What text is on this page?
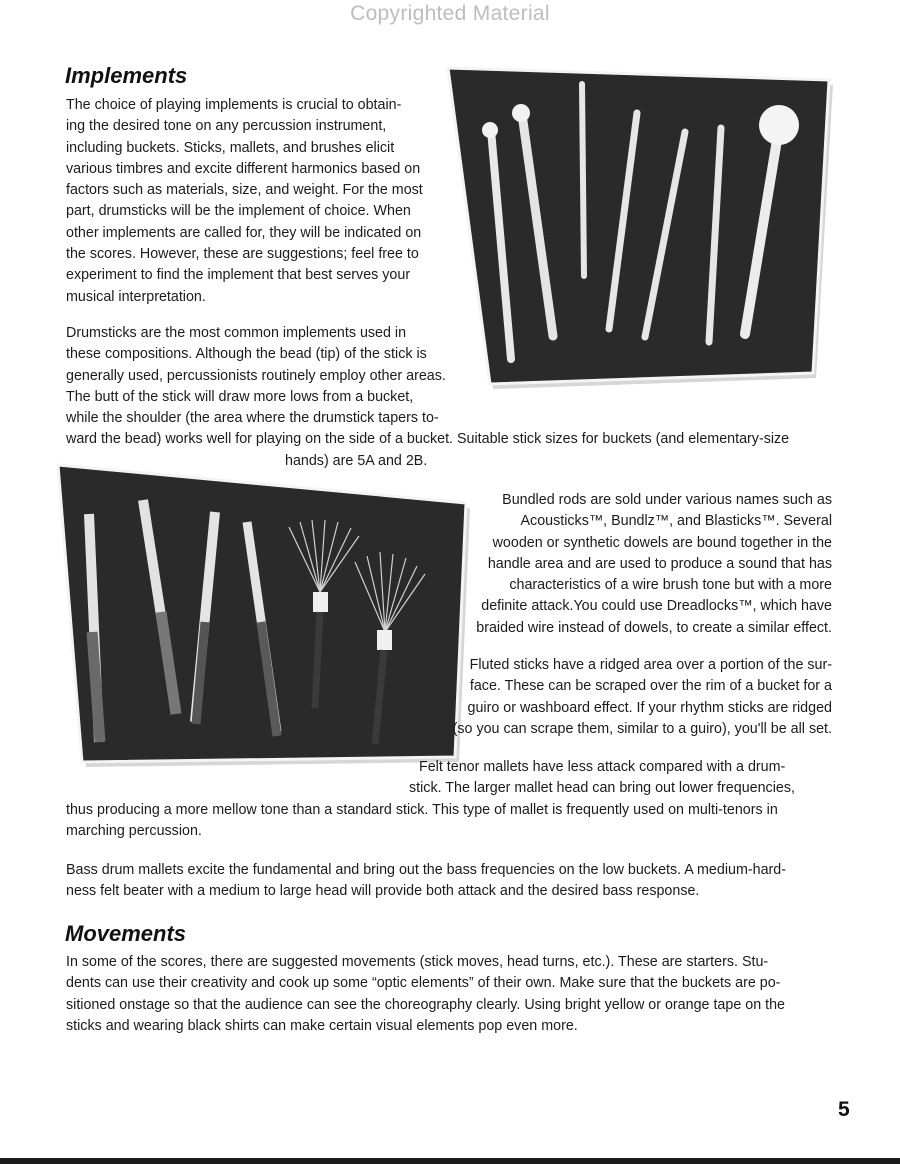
Copyrighted Material
Implements
The choice of playing implements is crucial to obtain-
ing the desired tone on any percussion instrument,
including buckets. Sticks, mallets, and brushes elicit
various timbres and excite different harmonics based on
factors such as materials, size, and weight. For the most
part, drumsticks will be the implement of choice. When
other implements are called for, they will be indicated on
the scores. However, these are suggestions; feel free to
experiment to find the implement that best serves your
musical interpretation.
Drumsticks are the most common implements used in
these compositions. Although the bead (tip) of the stick is
generally used, percussionists routinely employ other areas.
The butt of the stick will draw more lows from a bucket,
while the shoulder (the area where the drumstick tapers to-
ward the bead) works well for playing on the side of a bucket. Suitable stick sizes for buckets (and elementary-size
hands) are 5A and 2B.
Bundled rods are sold under various names such as
Acousticks™, Bundlz™, and Blasticks™. Several
wooden or synthetic dowels are bound together in the
handle area and are used to produce a sound that has
characteristics of a wire brush tone but with a more
definite attack.You could use Dreadlocks™, which have
braided wire instead of dowels, to create a similar effect.
Fluted sticks have a ridged area over a portion of the sur-
face. These can be scraped over the rim of a bucket for a
guiro or washboard effect. If your rhythm sticks are ridged
(so you can scrape them, similar to a guiro), you'll be all set.
Felt tenor mallets have less attack compared with a drum-
stick. The larger mallet head can bring out lower frequencies,
thus producing a more mellow tone than a standard stick. This type of mallet is frequently used on multi-tenors in
marching percussion.
Bass drum mallets excite the fundamental and bring out the bass frequencies on the low buckets. A medium-hard-
ness felt beater with a medium to large head will provide both attack and the desired bass response.
Movements
In some of the scores, there are suggested movements (stick moves, head turns, etc.). These are starters. Stu-
dents can use their creativity and cook up some “optic elements” of their own. Make sure that the buckets are po-
sitioned onstage so that the audience can see the choreography clearly. Using bright yellow or orange tape on the
sticks and wearing black shirts can make certain visual elements pop even more.
5
